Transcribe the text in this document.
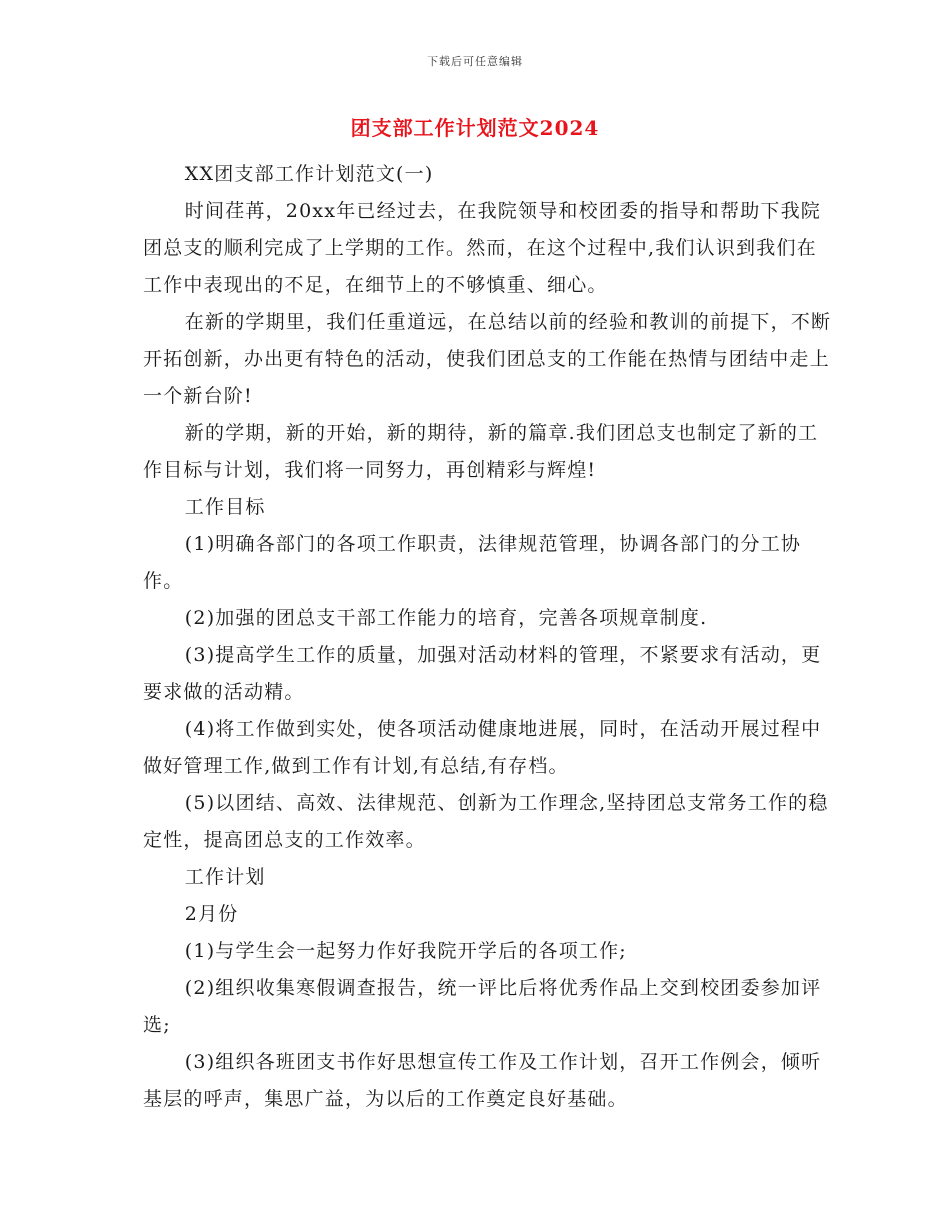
下载后可任意编辑
团支部工作计划范文2024

XX团支部工作计划范文(一)

时间荏苒，20xx年已经过去，在我院领导和校团委的指导和帮助下我院团总支的顺利完成了上学期的工作。然而，在这个过程中,我们认识到我们在工作中表现出的不足，在细节上的不够慎重、细心。

在新的学期里，我们任重道远，在总结以前的经验和教训的前提下，不断开拓创新，办出更有特色的活动，使我们团总支的工作能在热情与团结中走上一个新台阶!

新的学期，新的开始，新的期待，新的篇章.我们团总支也制定了新的工作目标与计划，我们将一同努力，再创精彩与辉煌!

工作目标

(1)明确各部门的各项工作职责，法律规范管理，协调各部门的分工协作。

(2)加强的团总支干部工作能力的培育，完善各项规章制度.

(3)提高学生工作的质量，加强对活动材料的管理，不紧要求有活动，更要求做的活动精。

(4)将工作做到实处，使各项活动健康地进展，同时，在活动开展过程中做好管理工作,做到工作有计划,有总结,有存档。

(5)以团结、高效、法律规范、创新为工作理念,坚持团总支常务工作的稳定性，提高团总支的工作效率。

工作计划

2月份

(1)与学生会一起努力作好我院开学后的各项工作;

(2)组织收集寒假调查报告，统一评比后将优秀作品上交到校团委参加评选;

(3)组织各班团支书作好思想宣传工作及工作计划，召开工作例会，倾听基层的呼声，集思广益，为以后的工作奠定良好基础。
